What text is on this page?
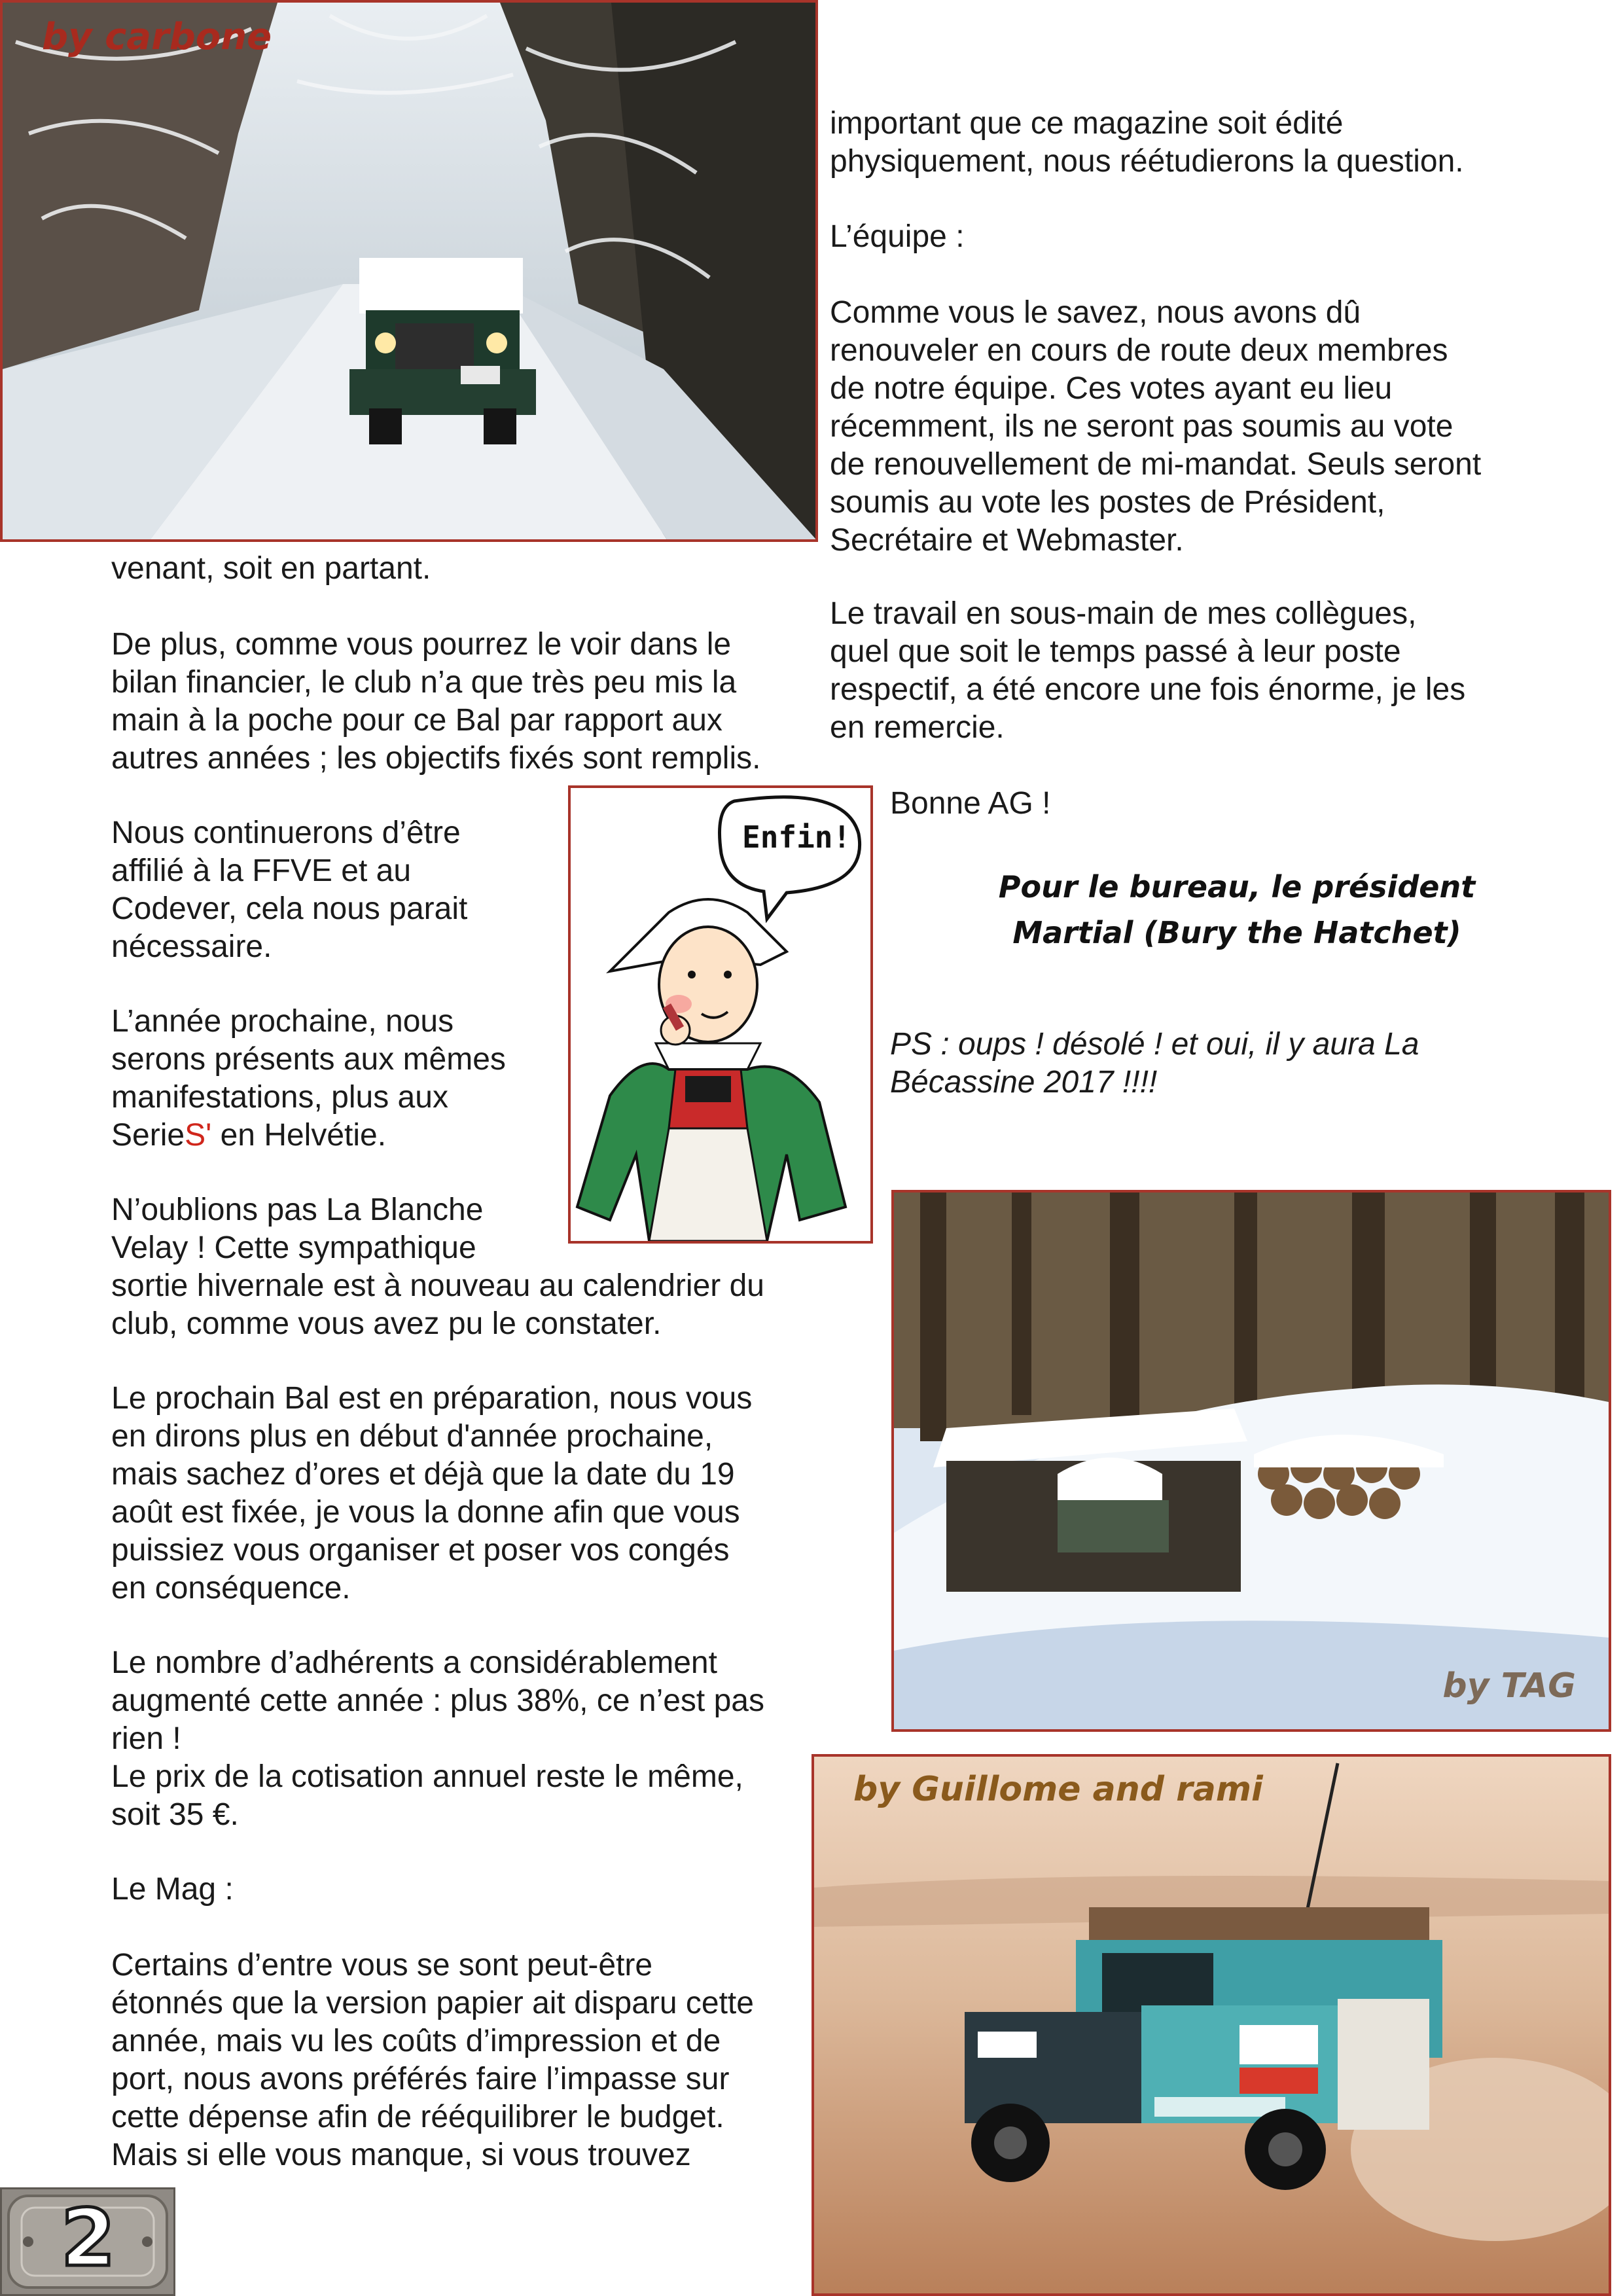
by carbone
venant, soit en partant.
De plus, comme vous pourrez le voir dans le
bilan financier, le club n’a que très peu mis la
main à la poche pour ce Bal par rapport aux
autres années ; les objectifs fixés sont remplis.
Nous continuerons d’être
affilié à la FFVE et au
Codever, cela nous parait
nécessaire.
L’année prochaine, nous
serons présents aux mêmes
manifestations, plus aux
SerieS' en Helvétie.
N’oublions pas La Blanche
Velay ! Cette sympathique
sortie hivernale est à nouveau au calendrier du
club, comme vous avez pu le constater.
Le prochain Bal est en préparation, nous vous
en dirons plus en début d'année prochaine,
mais sachez d’ores et déjà que la date du 19
août est fixée, je vous la donne afin que vous
puissiez vous organiser et poser vos congés
en conséquence.
Le nombre d’adhérents a considérablement
augmenté cette année : plus 38%, ce n’est pas
rien !
Le prix de la cotisation annuel reste le même,
soit 35 €.
Le Mag :
Certains d’entre vous se sont peut-être
étonnés que la version papier ait disparu cette
année, mais vu les coûts d’impression et de
port, nous avons préférés faire l’impasse sur
cette dépense afin de rééquilibrer le budget.
Mais si elle vous manque, si vous trouvez
Enfin!
important que ce magazine soit édité
physiquement, nous réétudierons la question.
L’équipe :
Comme vous le savez, nous avons dû
renouveler en cours de route deux membres
de notre équipe. Ces votes ayant eu lieu
récemment, ils ne seront pas soumis au vote
de renouvellement de mi-mandat. Seuls seront
soumis au vote les postes de Président,
Secrétaire et Webmaster.
Le travail en sous-main de mes collègues,
quel que soit le temps passé à leur poste
respectif, a été encore une fois énorme, je les
en remercie.
Bonne AG !
Pour le bureau, le président
Martial (Bury the Hatchet)
PS : oups ! désolé ! et oui, il y aura La
Bécassine 2017 !!!!
by TAG
by Guillome and rami
2
